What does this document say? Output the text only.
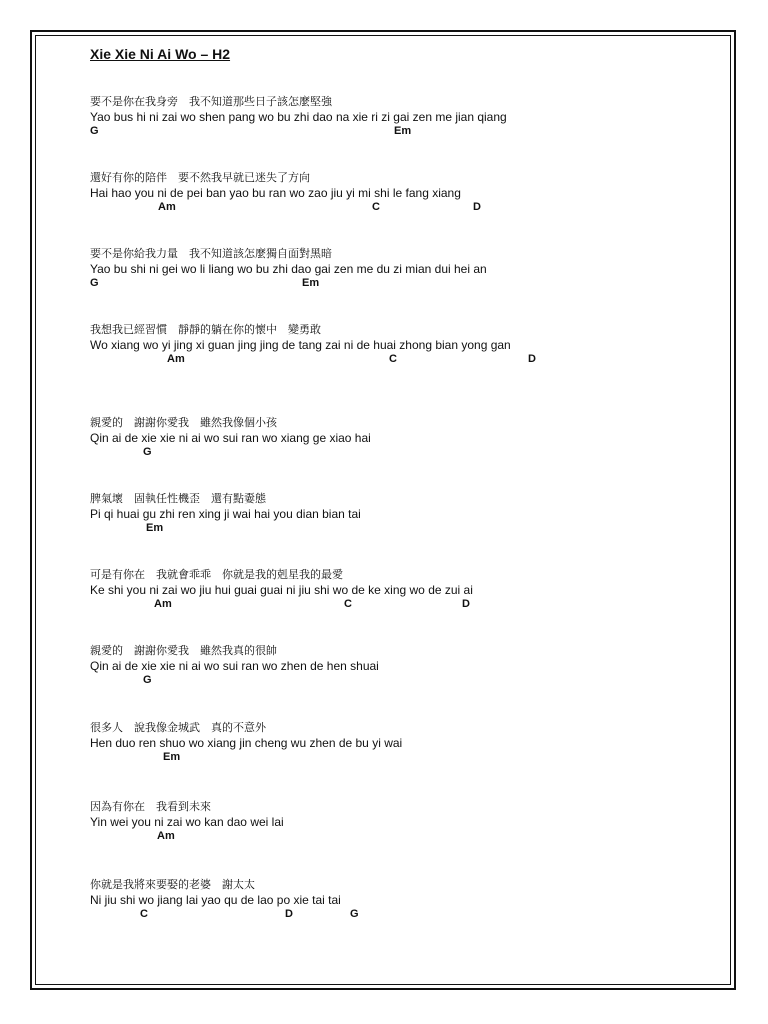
Xie Xie Ni Ai Wo – H2
要不是你在我身旁　我不知道那些日子該怎麼堅強
Yao bus hi ni zai wo shen pang wo bu zhi dao na xie ri zi gai zen me jian qiang
G	Em
還好有你的陪伴　要不然我早就已迷失了方向
Hai hao you ni de pei ban yao bu ran wo zao jiu yi mi shi le fang xiang
Am	C	D
要不是你給我力量　我不知道該怎麼獨自面對黑暗
Yao bu shi ni gei wo li liang wo bu zhi dao gai zen me du zi mian dui hei an
G	Em
我想我已經習慣　靜靜的躺在你的懷中　變勇敢
Wo xiang wo yi jing xi guan jing jing de tang zai ni de huai zhong bian yong gan
Am	C	D
親愛的　謝謝你愛我　雖然我像個小孩
Qin ai de xie xie ni ai wo sui ran wo xiang ge xiao hai
G
脾氣壞　固執任性機歪　還有點嫑態
Pi qi huai gu zhi ren xing ji wai hai you dian bian tai
Em
可是有你在　我就會乖乖　你就是我的剋星我的最愛
Ke shi you ni zai wo jiu hui guai guai ni jiu shi wo de ke xing wo de zui ai
Am	C	D
親愛的　謝謝你愛我　雖然我真的很帥
Qin ai de xie xie ni ai wo sui ran wo zhen de hen shuai
G
很多人　說我像金城武　真的不意外
Hen duo ren shuo wo xiang jin cheng wu zhen de bu yi wai
Em
因為有你在　我看到未來
Yin wei you ni zai wo kan dao wei lai
Am
你就是我將來要娶的老婆　謝太太
Ni jiu shi wo jiang lai yao qu de lao po xie tai tai
C	D	G
